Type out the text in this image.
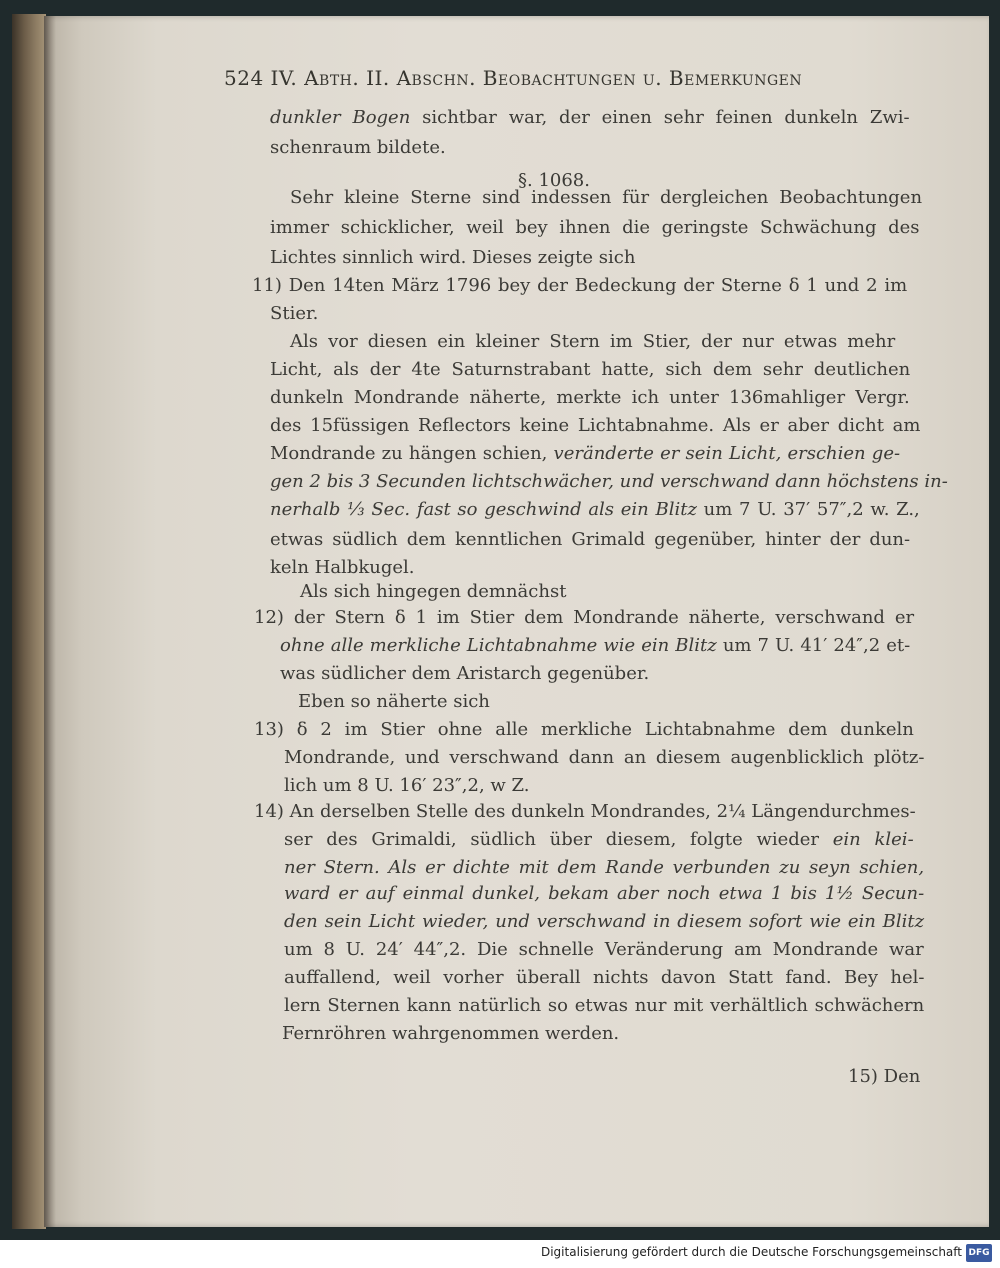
524 IV. Abth. II. Abschn. Beobachtungen u. Bemerkungen
§. 1068.
dunkler Bogen sichtbar war, der einen sehr feinen dunkeln Zwi-
schenraum bildete.
Sehr kleine Sterne sind indessen für dergleichen Beobachtungen
immer schicklicher, weil bey ihnen die geringste Schwächung des
Lichtes sinnlich wird. Dieses zeigte sich
11) Den 14ten März 1796 bey der Bedeckung der Sterne δ 1 und 2 im
Stier.
Als vor diesen ein kleiner Stern im Stier, der nur etwas mehr
Licht, als der 4te Saturnstrabant hatte, sich dem sehr deutlichen
dunkeln Mondrande näherte, merkte ich unter 136mahliger Vergr.
des 15füssigen Reflectors keine Lichtabnahme. Als er aber dicht am
Mondrande zu hängen schien, veränderte er sein Licht, erschien ge-
gen 2 bis 3 Secunden lichtschwächer, und verschwand dann höchstens in-
nerhalb ⅓ Sec. fast so geschwind als ein Blitz um 7 U. 37′ 57″,2 w. Z.,
etwas südlich dem kenntlichen Grimald gegenüber, hinter der dun-
keln Halbkugel.
Als sich hingegen demnächst
12) der Stern δ 1 im Stier dem Mondrande näherte, verschwand er
ohne alle merkliche Lichtabnahme wie ein Blitz um 7 U. 41′ 24″,2 et-
was südlicher dem Aristarch gegenüber.
Eben so näherte sich
13) δ 2 im Stier ohne alle merkliche Lichtabnahme dem dunkeln
Mondrande, und verschwand dann an diesem augenblicklich plötz-
lich um 8 U. 16′ 23″,2, w Z.
14) An derselben Stelle des dunkeln Mondrandes, 2¼ Längendurchmes-
ser des Grimaldi, südlich über diesem, folgte wieder ein klei-
ner Stern. Als er dichte mit dem Rande verbunden zu seyn schien,
ward er auf einmal dunkel, bekam aber noch etwa 1 bis 1½ Secun-
den sein Licht wieder, und verschwand in diesem sofort wie ein Blitz
um 8 U. 24′ 44″,2. Die schnelle Veränderung am Mondrande war
auffallend, weil vorher überall nichts davon Statt fand. Bey hel-
lern Sternen kann natürlich so etwas nur mit verhältlich schwächern
Fernröhren wahrgenommen werden.
15) Den
Digitalisierung gefördert durch die Deutsche Forschungsgemeinschaft DFG
